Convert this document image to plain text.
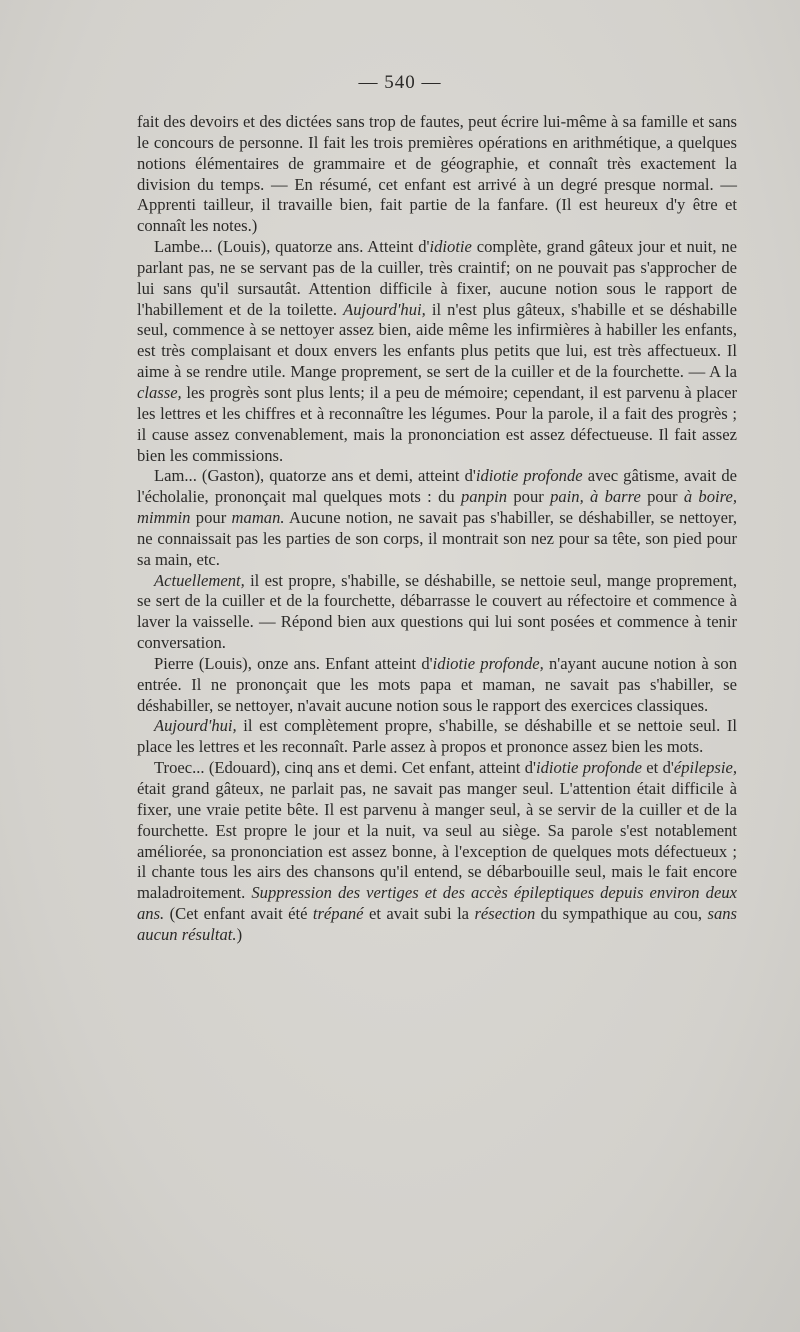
— 540 —

fait des devoirs et des dictées sans trop de fautes, peut écrire lui-même à sa famille et sans le concours de personne. Il fait les trois premières opérations en arithmétique, a quelques notions élémentaires de grammaire et de géographie, et connaît très exactement la division du temps. — En résumé, cet enfant est arrivé à un degré presque normal. — Apprenti tailleur, il travaille bien, fait partie de la fanfare. (Il est heureux d'y être et connaît les notes.)

Lambe... (Louis), quatorze ans. Atteint d'idiotie complète, grand gâteux jour et nuit, ne parlant pas, ne se servant pas de la cuiller, très craintif; on ne pouvait pas s'approcher de lui sans qu'il sursautât. Attention difficile à fixer, aucune notion sous le rapport de l'habillement et de la toilette. Aujourd'hui, il n'est plus gâteux, s'habille et se déshabille seul, commence à se nettoyer assez bien, aide même les infirmières à habiller les enfants, est très complaisant et doux envers les enfants plus petits que lui, est très affectueux. Il aime à se rendre utile. Mange proprement, se sert de la cuiller et de la fourchette. — A la classe, les progrès sont plus lents; il a peu de mémoire; cependant, il est parvenu à placer les lettres et les chiffres et à reconnaître les légumes. Pour la parole, il a fait des progrès ; il cause assez convenablement, mais la prononciation est assez défectueuse. Il fait assez bien les commissions.

Lam... (Gaston), quatorze ans et demi, atteint d'idiotie profonde avec gâtisme, avait de l'écholalie, prononçait mal quelques mots : du panpin pour pain, à barre pour à boire, mimmin pour maman. Aucune notion, ne savait pas s'habiller, se déshabiller, se nettoyer, ne connaissait pas les parties de son corps, il montrait son nez pour sa tête, son pied pour sa main, etc.

Actuellement, il est propre, s'habille, se déshabille, se nettoie seul, mange proprement, se sert de la cuiller et de la fourchette, débarrasse le couvert au réfectoire et commence à laver la vaisselle. — Répond bien aux questions qui lui sont posées et commence à tenir conversation.

Pierre (Louis), onze ans. Enfant atteint d'idiotie profonde, n'ayant aucune notion à son entrée. Il ne prononçait que les mots papa et maman, ne savait pas s'habiller, se déshabiller, se nettoyer, n'avait aucune notion sous le rapport des exercices classiques.

Aujourd'hui, il est complètement propre, s'habille, se déshabille et se nettoie seul. Il place les lettres et les reconnaît. Parle assez à propos et prononce assez bien les mots.

Troec... (Edouard), cinq ans et demi. Cet enfant, atteint d'idiotie profonde et d'épilepsie, était grand gâteux, ne parlait pas, ne savait pas manger seul. L'attention était difficile à fixer, une vraie petite bête. Il est parvenu à manger seul, à se servir de la cuiller et de la fourchette. Est propre le jour et la nuit, va seul au siège. Sa parole s'est notablement améliorée, sa prononciation est assez bonne, à l'exception de quelques mots défectueux ; il chante tous les airs des chansons qu'il entend, se débarbouille seul, mais le fait encore maladroitement. Suppression des vertiges et des accès épileptiques depuis environ deux ans. (Cet enfant avait été trépané et avait subi la résection du sympathique au cou, sans aucun résultat.)
